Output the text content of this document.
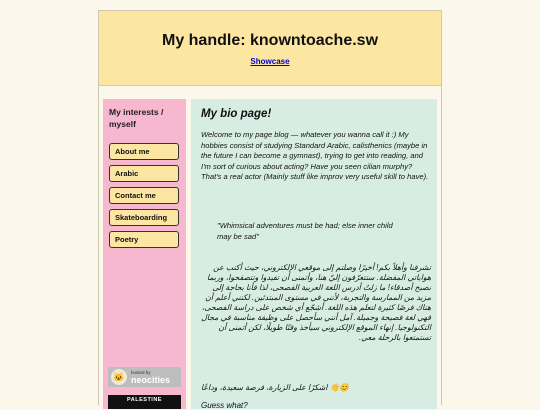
My handle: knowntoache.sw
Showcase
My interests / myself
About me
Arabic
Contact me
Skateboarding
Poetry
🐱	hosted by
neocities
PALESTINE
My bio page!

Welcome to my page blog — whatever you wanna call it :) My hobbies consist of studying Standard Arabic, calisthenics (maybe in the future I can become a gymnast), trying to get into reading, and I'm sort of curious about acting? Have you seen cilian murphy? That's a real actor (Mainly stuff like improv very useful skill to have).

"Whimsical adventures must be had; else inner child may be sad"

تشرفنا وأهلاً بكم! أخيرًا وصلتم إلى موقعي الإلكتروني، حيث أكتب عن هواياتي المفضلة. ستتعرّفون إليّ هنا، وأتمنى أن تفيدوا وتتصفحوا، وربما نصبح أصدقاء! ما زلتُ أدرس اللغة العربية الفصحى، لذا فأنا بحاجة إلى مزيد من الممارسة والتجربة، لأنني في مستوى المبتدئين. لكنني أعلم أن هناك فرصًا كثيرة لتعلم هذه اللغة. أشجّع أي شخص على دراسة الفصحى، فهي لغة فصيحة وجميلة. آمل أنني سأحصل على وظيفة مناسبة في مجال التكنولوجيا. إنهاء الموقع الإلكتروني سيأخذ وقتًا طويلًا، لكن أتمنى أن تستمتعوا بالرحلة معي.

😊👋 اشكرًا على الزيارة، فرصة سعيدة، وداعًا

Guess what?
